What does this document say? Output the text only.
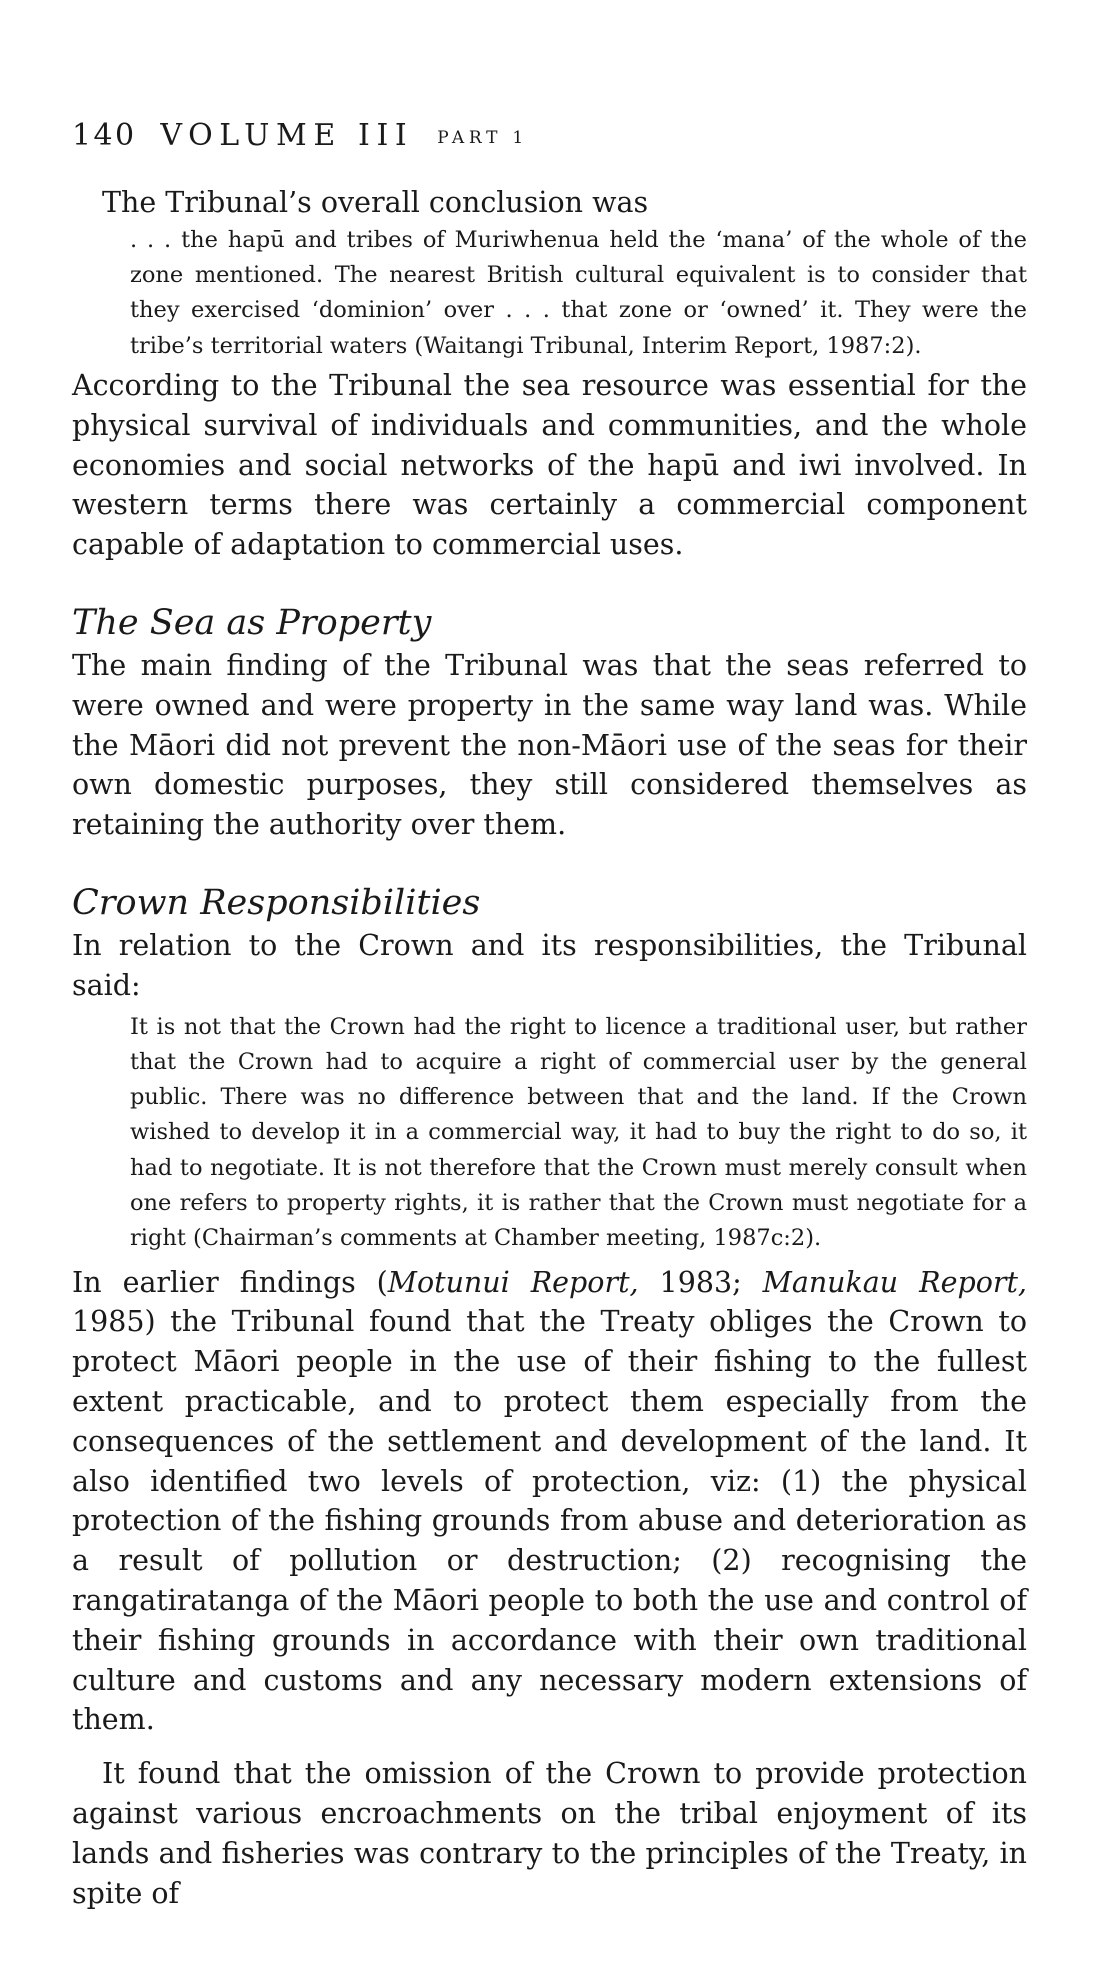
140 VOLUME III PART 1

The Tribunal’s overall conclusion was

. . . the hapū and tribes of Muriwhenua held the ‘mana’ of the whole of the zone mentioned. The nearest British cultural equivalent is to consider that they exercised ‘dominion’ over . . . that zone or ‘owned’ it. They were the tribe’s territorial waters (Waitangi Tribunal, Interim Report, 1987:2).

According to the Tribunal the sea resource was essential for the physical survival of individuals and communities, and the whole economies and social networks of the hapū and iwi involved. In western terms there was certainly a commercial component capable of adaptation to commercial uses.

The Sea as Property

The main finding of the Tribunal was that the seas referred to were owned and were property in the same way land was. While the Māori did not prevent the non-Māori use of the seas for their own domestic purposes, they still considered themselves as retaining the authority over them.

Crown Responsibilities

In relation to the Crown and its responsibilities, the Tribunal said:

It is not that the Crown had the right to licence a traditional user, but rather that the Crown had to acquire a right of commercial user by the general public. There was no difference between that and the land. If the Crown wished to develop it in a commercial way, it had to buy the right to do so, it had to negotiate. It is not therefore that the Crown must merely consult when one refers to property rights, it is rather that the Crown must negotiate for a right (Chairman’s comments at Chamber meeting, 1987c:2).

In earlier findings (Motunui Report, 1983; Manukau Report, 1985) the Tribunal found that the Treaty obliges the Crown to protect Māori people in the use of their fishing to the fullest extent practicable, and to protect them especially from the consequences of the settlement and development of the land. It also identified two levels of protection, viz: (1) the physical protection of the fishing grounds from abuse and deterioration as a result of pollution or destruction; (2) recognising the rangatiratanga of the Māori people to both the use and control of their fishing grounds in accordance with their own traditional culture and customs and any necessary modern extensions of them.

It found that the omission of the Crown to provide protection against various encroachments on the tribal enjoyment of its lands and fisheries was contrary to the principles of the Treaty, in spite of
